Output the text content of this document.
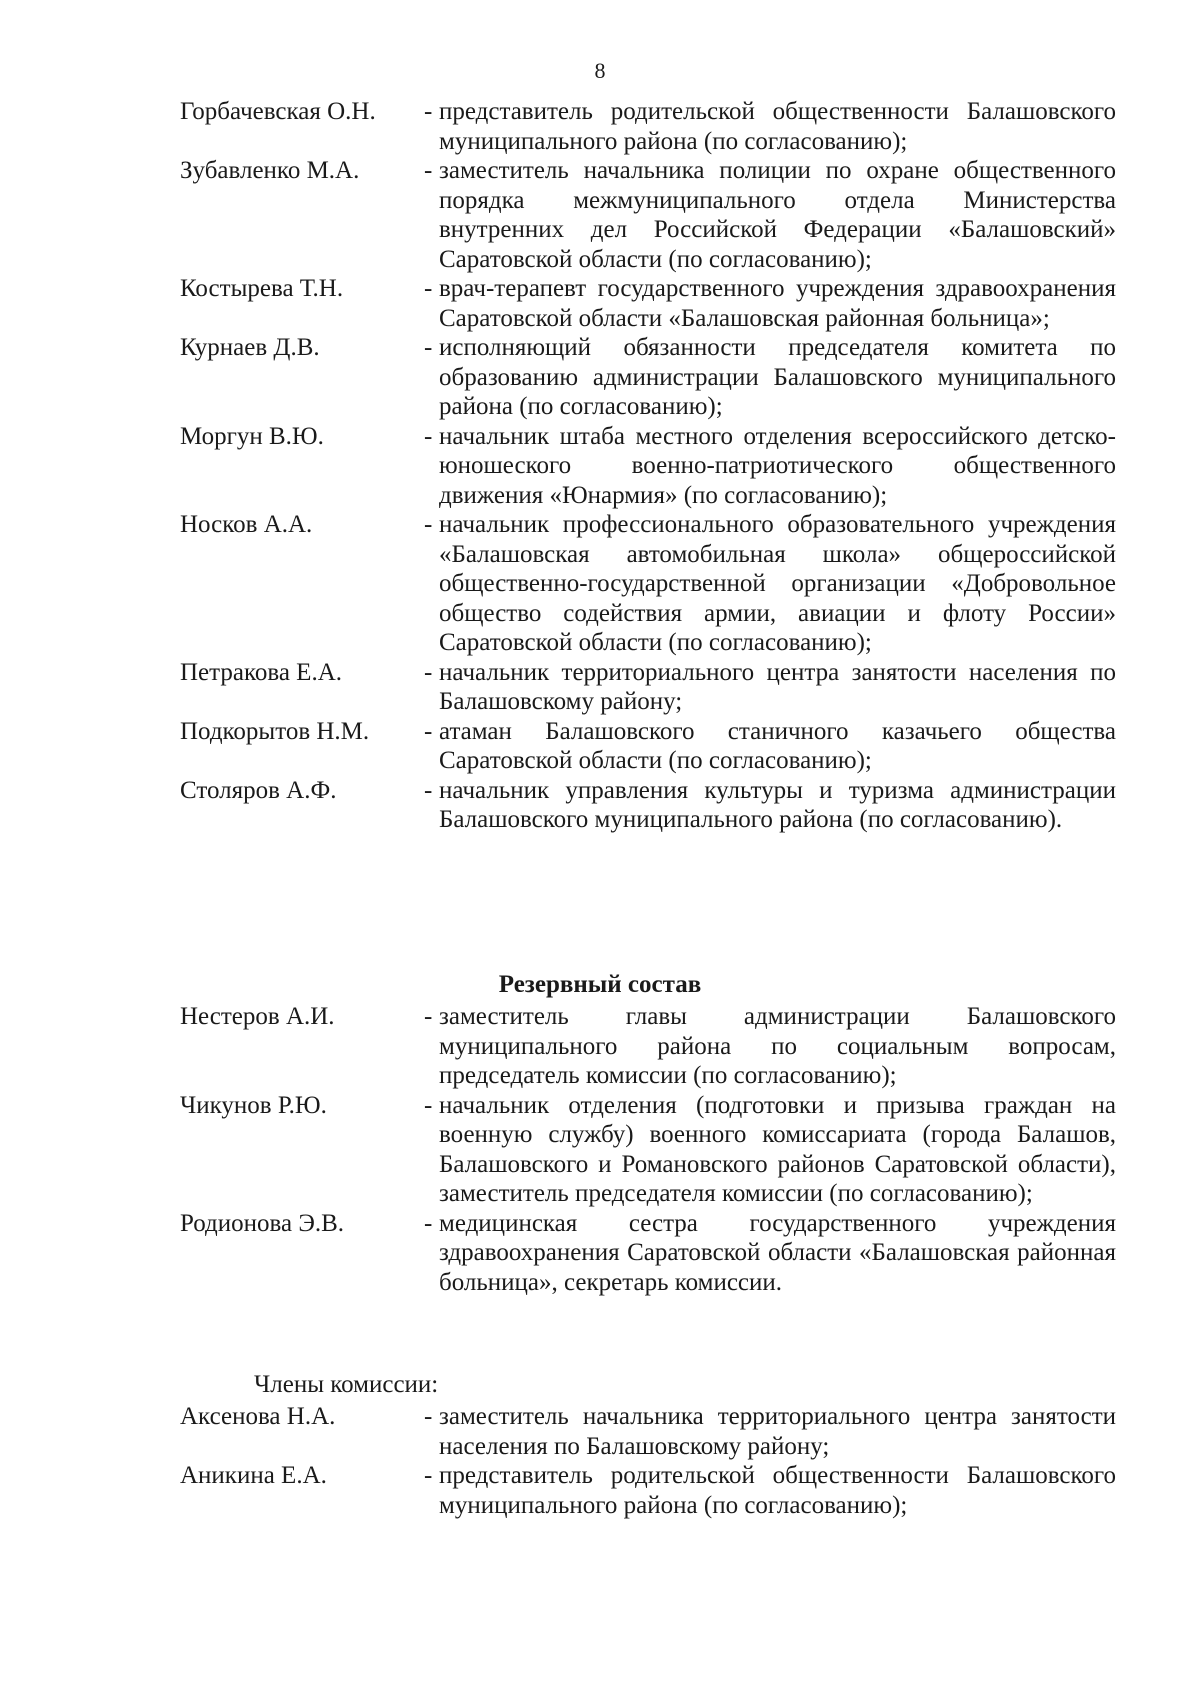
8
Горбачевская О.Н. - представитель родительской общественности Балашовского муниципального района (по согласованию);
Зубавленко М.А.	- заместитель начальника полиции по охране общественного порядка межмуниципального отдела Министерства внутренних дел Российской Федерации «Балашовский» Саратовской области (по согласованию);
Костырева Т.Н.	- врач-терапевт государственного учреждения здравоохранения Саратовской области «Балашовская районная больница»;
Курнаев Д.В.	- исполняющий обязанности председателя комитета по образованию администрации Балашовского муниципального района (по согласованию);
Моргун В.Ю.	- начальник штаба местного отделения всероссийского детско-юношеского военно-патриотического общественного движения «Юнармия» (по согласованию);
Носков А.А.	- начальник профессионального образовательного учреждения «Балашовская автомобильная школа» общероссийской общественно-государственной организации «Добровольное общество содействия армии, авиации и флоту России» Саратовской области (по согласованию);
Петракова Е.А.	- начальник территориального центра занятости населения по Балашовскому району;
Подкорытов Н.М. - атаман Балашовского станичного казачьего общества Саратовской области (по согласованию);
Столяров А.Ф.	- начальник управления культуры и туризма администрации Балашовского муниципального района (по согласованию).
Резервный состав
Нестеров А.И.	- заместитель главы администрации Балашовского муниципального района по социальным вопросам, председатель комиссии (по согласованию);
Чикунов Р.Ю.	- начальник отделения (подготовки и призыва граждан на военную службу) военного комиссариата (города Балашов, Балашовского и Романовского районов Саратовской области), заместитель председателя комиссии (по согласованию);
Родионова Э.В.	- медицинская сестра государственного учреждения здравоохранения Саратовской области «Балашовская районная больница», секретарь комиссии.
Члены комиссии:
Аксенова Н.А.	- заместитель начальника территориального центра занятости населения по Балашовскому району;
Аникина Е.А.	- представитель родительской общественности Балашовского муниципального района (по согласованию);
